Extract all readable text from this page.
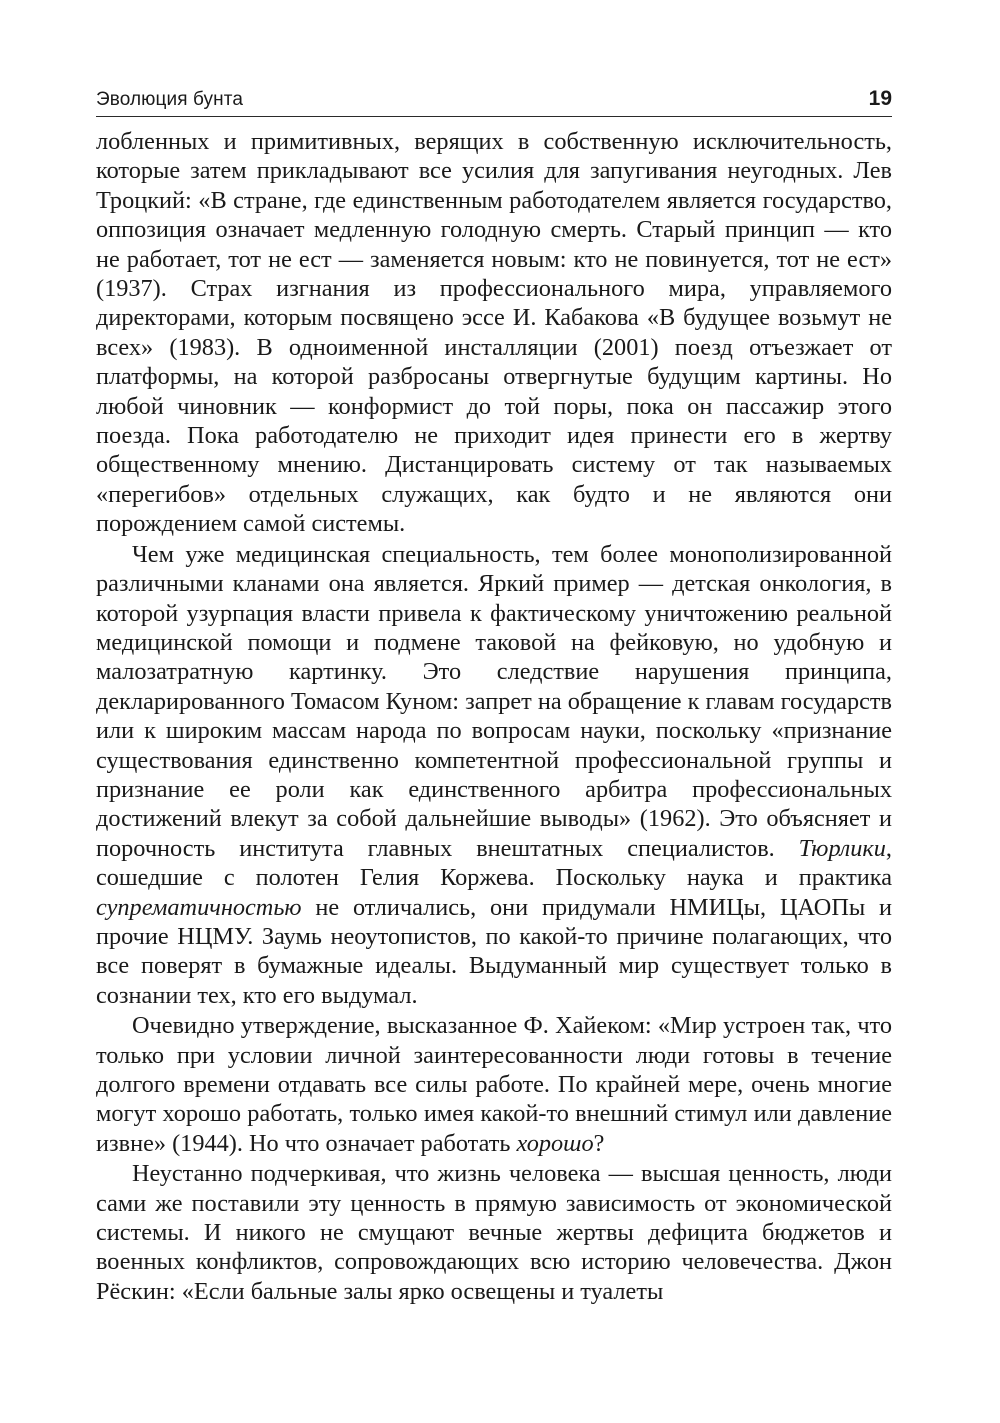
Эволюция бунта	19

лобленных и примитивных, верящих в собственную исключительность, которые затем прикладывают все усилия для запугивания неугодных. Лев Троцкий: «В стране, где единственным работодателем является государство, оппозиция означает медленную голодную смерть. Старый принцип — кто не работает, тот не ест — заменяется новым: кто не повинуется, тот не ест» (1937). Страх изгнания из профессионального мира, управляемого директорами, которым посвящено эссе И. Кабакова «В будущее возьмут не всех» (1983). В одноименной инсталляции (2001) поезд отъезжает от платформы, на которой разбросаны отвергнутые будущим картины. Но любой чиновник — конформист до той поры, пока он пассажир этого поезда. Пока работодателю не приходит идея принести его в жертву общественному мнению. Дистанцировать систему от так называемых «перегибов» отдельных служащих, как будто и не являются они порождением самой системы.

Чем уже медицинская специальность, тем более монополизированной различными кланами она является. Яркий пример — детская онкология, в которой узурпация власти привела к фактическому уничтожению реальной медицинской помощи и подмене таковой на фейковую, но удобную и малозатратную картинку. Это следствие нарушения принципа, декларированного Томасом Куном: запрет на обращение к главам государств или к широким массам народа по вопросам науки, поскольку «признание существования единственно компетентной профессиональной группы и признание ее роли как единственного арбитра профессиональных достижений влекут за собой дальнейшие выводы» (1962). Это объясняет и порочность института главных внештатных специалистов. Тюрлики, сошедшие с полотен Гелия Коржева. Поскольку наука и практика супрематичностью не отличались, они придумали НМИЦы, ЦАОПы и прочие НЦМУ. Заумь неоутопистов, по какой-то причине полагающих, что все поверят в бумажные идеалы. Выдуманный мир существует только в сознании тех, кто его выдумал.

Очевидно утверждение, высказанное Ф. Хайеком: «Мир устроен так, что только при условии личной заинтересованности люди готовы в течение долгого времени отдавать все силы работе. По крайней мере, очень многие могут хорошо работать, только имея какой-то внешний стимул или давление извне» (1944). Но что означает работать хорошо?

Неустанно подчеркивая, что жизнь человека — высшая ценность, люди сами же поставили эту ценность в прямую зависимость от экономической системы. И никого не смущают вечные жертвы дефицита бюджетов и военных конфликтов, сопровождающих всю историю человечества. Джон Рёскин: «Если бальные залы ярко освещены и туалеты
